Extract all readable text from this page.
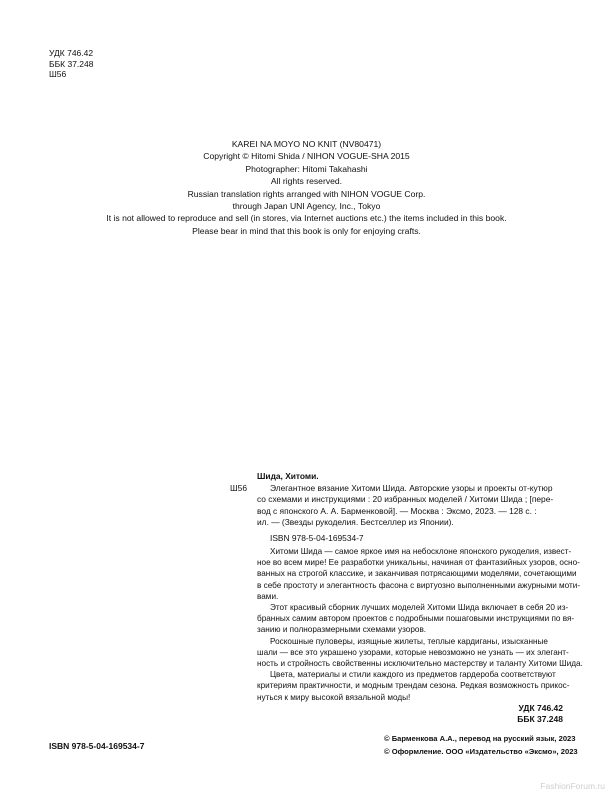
УДК 746.42
ББК 37.248
Ш56
KAREI NA MOYO NO KNIT (NV80471)
Copyright © Hitomi Shida / NIHON VOGUE-SHA 2015
Photographer: Hitomi Takahashi
All rights reserved.
Russian translation rights arranged with NIHON VOGUE Corp.
through Japan UNI Agency, Inc., Tokyo
It is not allowed to reproduce and sell (in stores, via Internet auctions etc.) the items included in this book.
Please bear in mind that this book is only for enjoying crafts.
Шида, Хитоми.
Ш56	Элегантное вязание Хитоми Шида. Авторские узоры и проекты от-кутюр
со схемами и инструкциями : 20 избранных моделей / Хитоми Шида ; [пере-
вод с японского А. А. Барменковой]. — Москва : Эксмо, 2023. — 128 с. :
ил. — (Звезды рукоделия. Бестселлер из Японии).
ISBN 978-5-04-169534-7
Хитоми Шида — самое яркое имя на небосклоне японского рукоделия, извест-
ное во всем мире! Ее разработки уникальны, начиная от фантазийных узоров, осно-
ванных на строгой классике, и заканчивая потрясающими моделями, сочетающими
в себе простоту и элегантность фасона с виртуозно выполненными ажурными моти-
вами.
Этот красивый сборник лучших моделей Хитоми Шида включает в себя 20 из-
бранных самим автором проектов с подробными пошаговыми инструкциями по вя-
занию и полноразмерными схемами узоров.
Роскошные пуловеры, изящные жилеты, теплые кардиганы, изысканные
шали — все это украшено узорами, которые невозможно не узнать — их элегант-
ность и стройность свойственны исключительно мастерству и таланту Хитоми Шида.
Цвета, материалы и стили каждого из предметов гардероба соответствуют
критериям практичности, и модным трендам сезона. Редкая возможность прикос-
нуться к миру высокой вязальной моды!
УДК 746.42
ББК 37.248
ISBN 978-5-04-169534-7
© Барменкова А.А., перевод на русский язык, 2023
© Оформление. ООО «Издательство «Эксмо», 2023
FashionForum.ru
